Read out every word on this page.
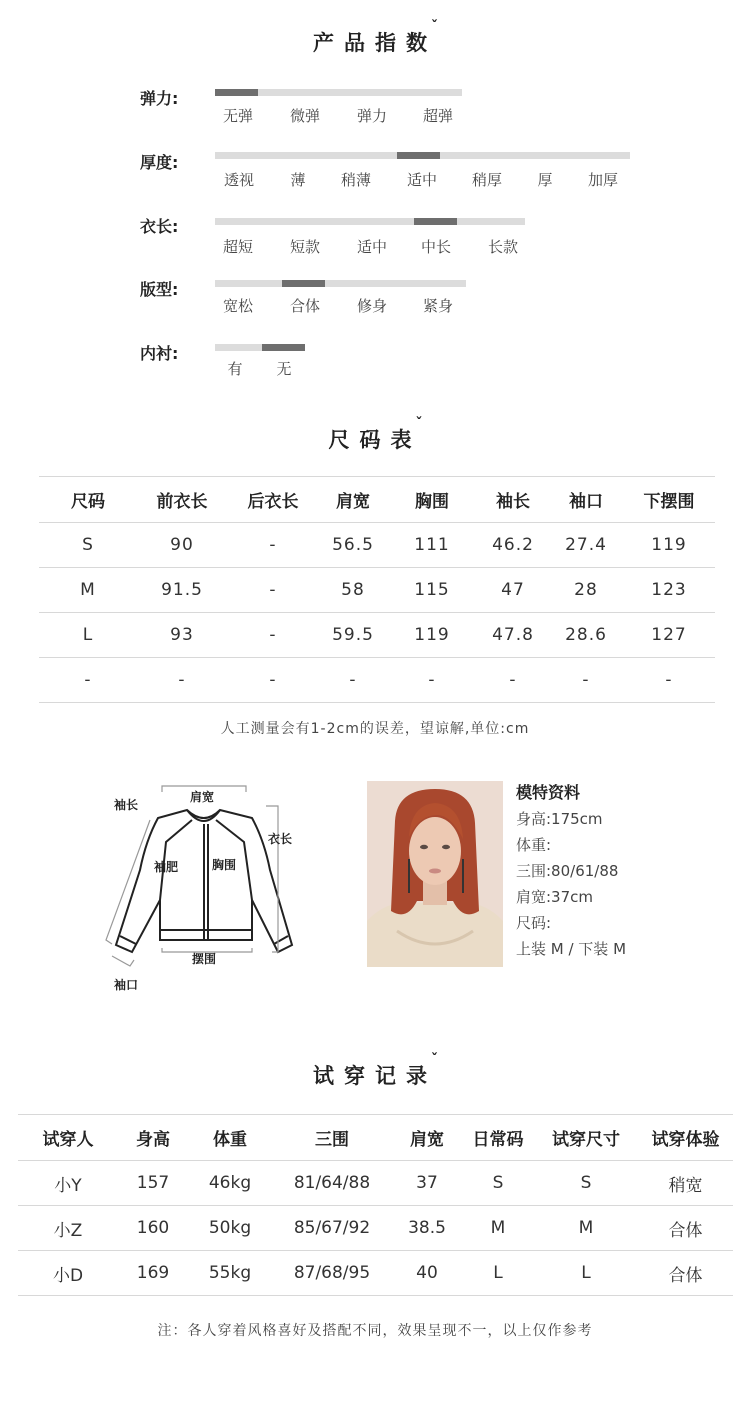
产品指数
ˇ
弹力:
无弹 微弹 弹力 超弹
厚度:
透视 薄 稍薄 适中 稍厚 厚 加厚
衣长:
超短 短款 适中 中长 长款
版型:
宽松 合体 修身 紧身
内衬:
有 无
尺码表
ˇ
尺码	前衣长	后衣长	肩宽	胸围	袖长	袖口	下摆围
S	90	-	56.5	111	46.2	27.4	119
M	91.5	-	58	115	47	28	123
L	93	-	59.5	119	47.8	28.6	127
-	-	-	-	-	-	-	-
人工测量会有1-2cm的误差，望谅解,单位:cm
肩宽
袖长
衣长
袖肥	胸围
摆围
袖口
模特资料
身高:175cm
体重:
三围:80/61/88
肩宽:37cm
尺码:
上装 M / 下装 M
试穿记录
ˇ
试穿人	身高	体重	三围	肩宽	日常码	试穿尺寸	试穿体验
小Y	157	46kg	81/64/88	37	S	S	稍宽
小Z	160	50kg	85/67/92	38.5	M	M	合体
小D	169	55kg	87/68/95	40	L	L	合体
注：各人穿着风格喜好及搭配不同，效果呈现不一，以上仅作参考
